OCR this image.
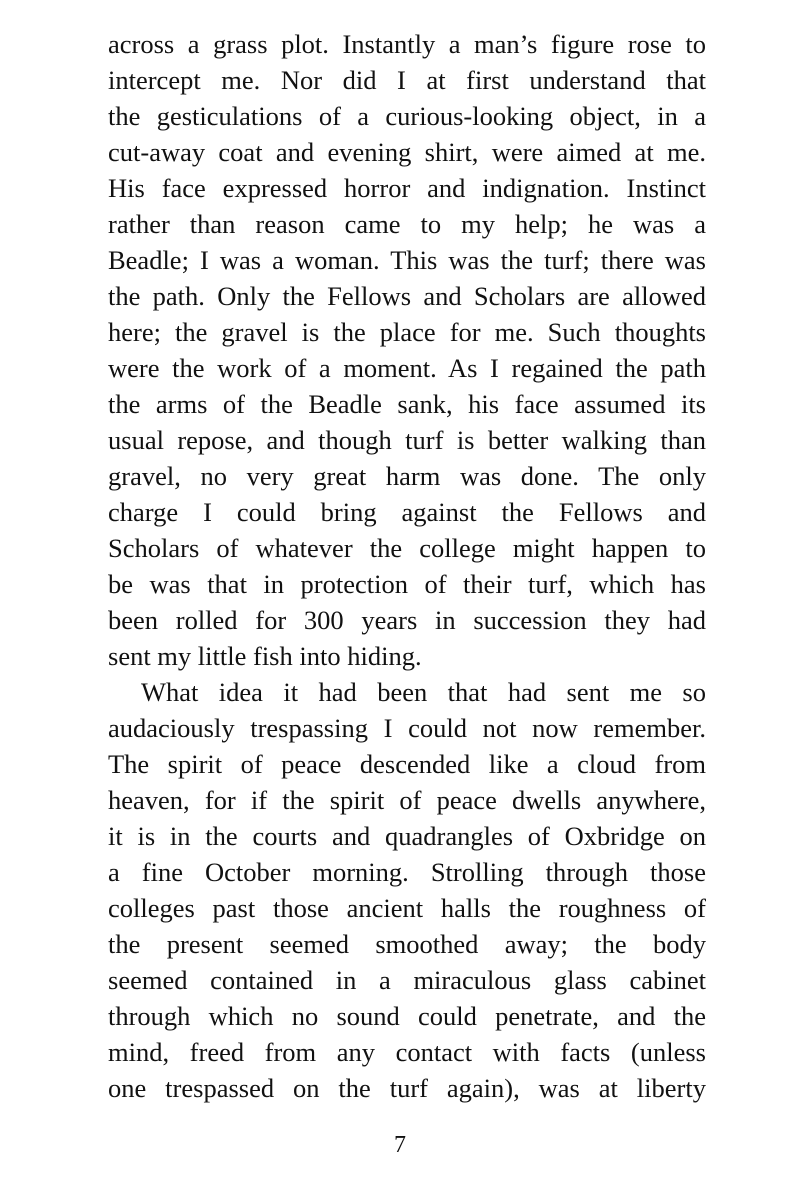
across a grass plot. Instantly a man’s figure rose to
intercept me. Nor did I at first understand that
the gesticulations of a curious-looking object, in a
cut-away coat and evening shirt, were aimed at me.
His face expressed horror and indignation. Instinct
rather than reason came to my help; he was a
Beadle; I was a woman. This was the turf; there was
the path. Only the Fellows and Scholars are allowed
here; the gravel is the place for me. Such thoughts
were the work of a moment. As I regained the path
the arms of the Beadle sank, his face assumed its
usual repose, and though turf is better walking than
gravel, no very great harm was done. The only
charge I could bring against the Fellows and
Scholars of whatever the college might happen to
be was that in protection of their turf, which has
been rolled for 300 years in succession they had
sent my little fish into hiding.
What idea it had been that had sent me so
audaciously trespassing I could not now remember.
The spirit of peace descended like a cloud from
heaven, for if the spirit of peace dwells anywhere,
it is in the courts and quadrangles of Oxbridge on
a fine October morning. Strolling through those
colleges past those ancient halls the roughness of
the present seemed smoothed away; the body
seemed contained in a miraculous glass cabinet
through which no sound could penetrate, and the
mind, freed from any contact with facts (unless
one trespassed on the turf again), was at liberty
7
